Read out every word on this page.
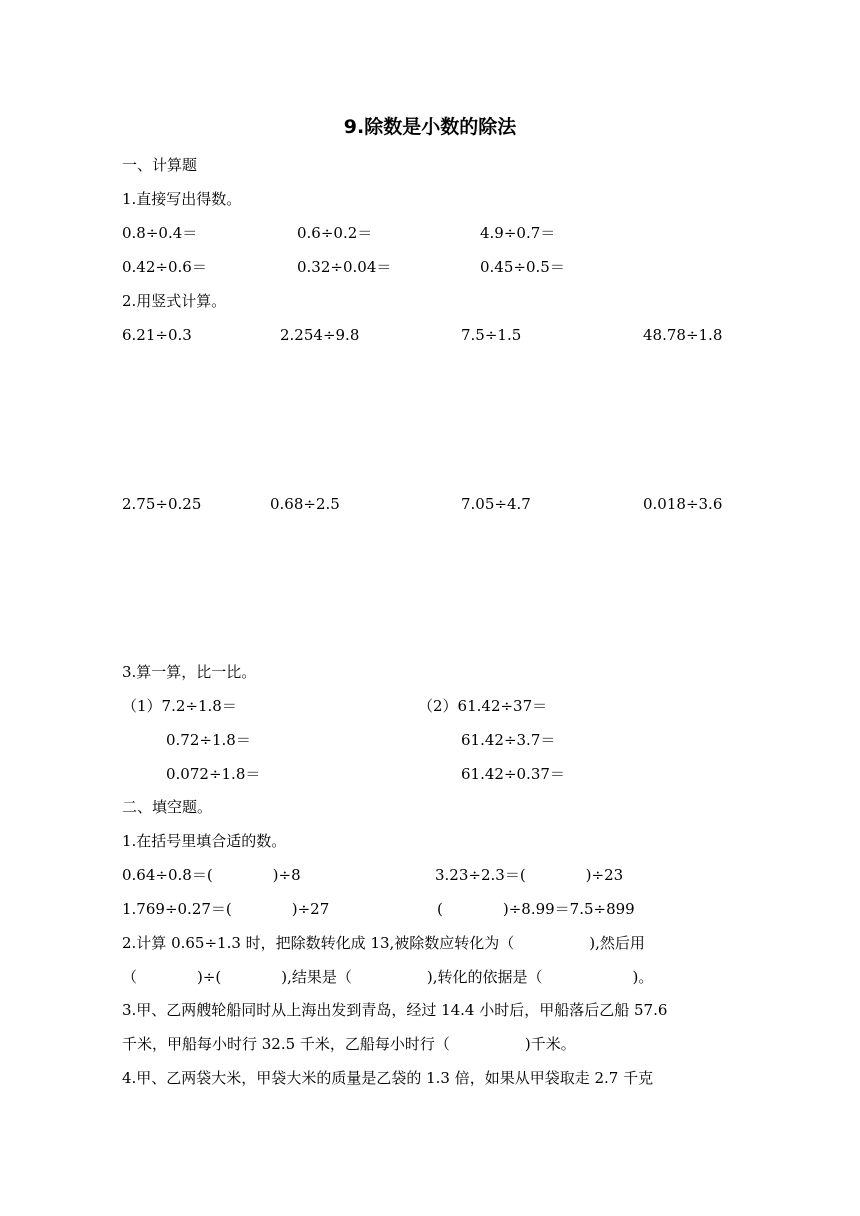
9.除数是小数的除法
一、计算题
1.直接写出得数。
0.8÷0.4＝	0.6÷0.2＝	4.9÷0.7＝
0.42÷0.6＝	0.32÷0.04＝	0.45÷0.5＝
2.用竖式计算。
6.21÷0.3	2.254÷9.8	7.5÷1.5	48.78÷1.8
2.75÷0.25	0.68÷2.5	7.05÷4.7	0.018÷3.6
3.算一算，比一比。
（1）7.2÷1.8＝	（2）61.42÷37＝
0.72÷1.8＝	61.42÷3.7＝
0.072÷1.8＝	61.42÷0.37＝
二、填空题。
1.在括号里填合适的数。
0.64÷0.8＝(　　　　)÷8	3.23÷2.3＝(　　　　)÷23
1.769÷0.27＝(　　　　)÷27	(　　　　)÷8.99＝7.5÷899
2.计算 0.65÷1.3 时，把除数转化成 13,被除数应转化为（　　　　　),然后用
（　　　　)÷(　　　　),结果是（　　　　　),转化的依据是（　　　　　　)。
3.甲、乙两艘轮船同时从上海出发到青岛，经过 14.4 小时后，甲船落后乙船 57.6
千米，甲船每小时行 32.5 千米，乙船每小时行（　　　　　)千米。
4.甲、乙两袋大米，甲袋大米的质量是乙袋的 1.3 倍，如果从甲袋取走 2.7 千克
